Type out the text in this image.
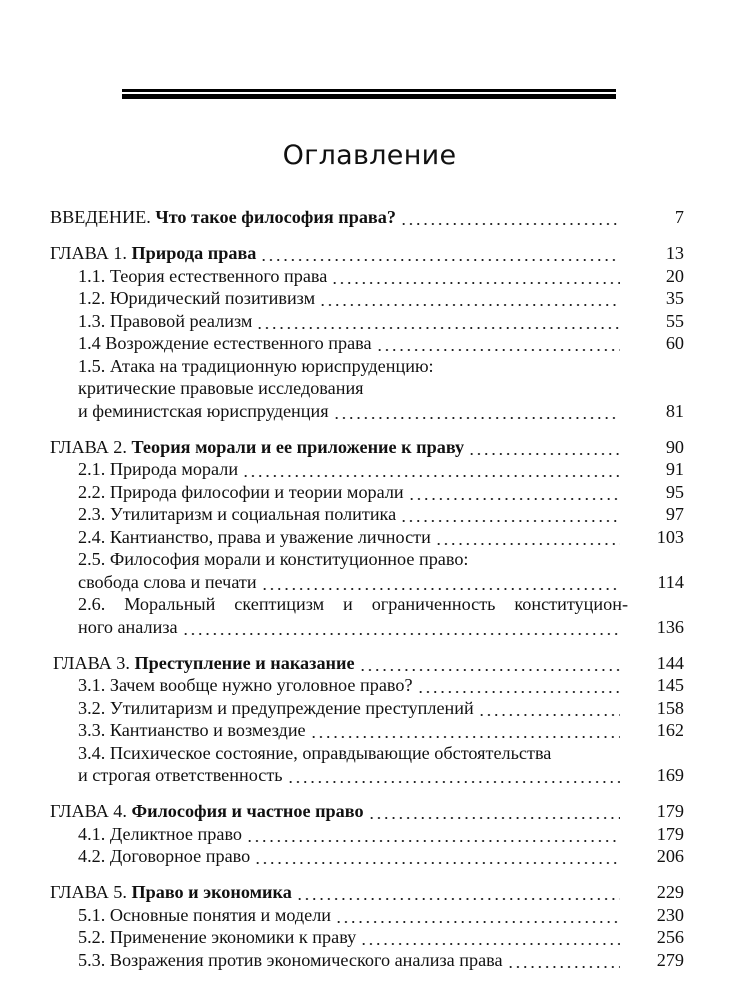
Оглавление
ВВЕДЕНИЕ. Что такое философия права?	7
ГЛАВА 1. Природа права	13
1.1. Теория естественного права	20
1.2. Юридический позитивизм	35
1.3. Правовой реализм	55
1.4 Возрождение естественного права	60
1.5. Атака на традиционную юриспруденцию:
критические правовые исследования
и феминистская юриспруденция	81
ГЛАВА 2. Теория морали и ее приложение к праву	90
2.1. Природа морали	91
2.2. Природа философии и теории морали	95
2.3. Утилитаризм и социальная политика	97
2.4. Кантианство, права и уважение личности	103
2.5. Философия морали и конституционное право:
свобода слова и печати	114
2.6. Моральный скептицизм и ограниченность конституцион-
ного анализа	136
ГЛАВА 3. Преступление и наказание	144
3.1. Зачем вообще нужно уголовное право?	145
3.2. Утилитаризм и предупреждение преступлений	158
3.3. Кантианство и возмездие	162
3.4. Психическое состояние, оправдывающие обстоятельства
и строгая ответственность	169
ГЛАВА 4. Философия и частное право	179
4.1. Деликтное право	179
4.2. Договорное право	206
ГЛАВА 5. Право и экономика	229
5.1. Основные понятия и модели	230
5.2. Применение экономики к праву	256
5.3. Возражения против экономического анализа права	279
